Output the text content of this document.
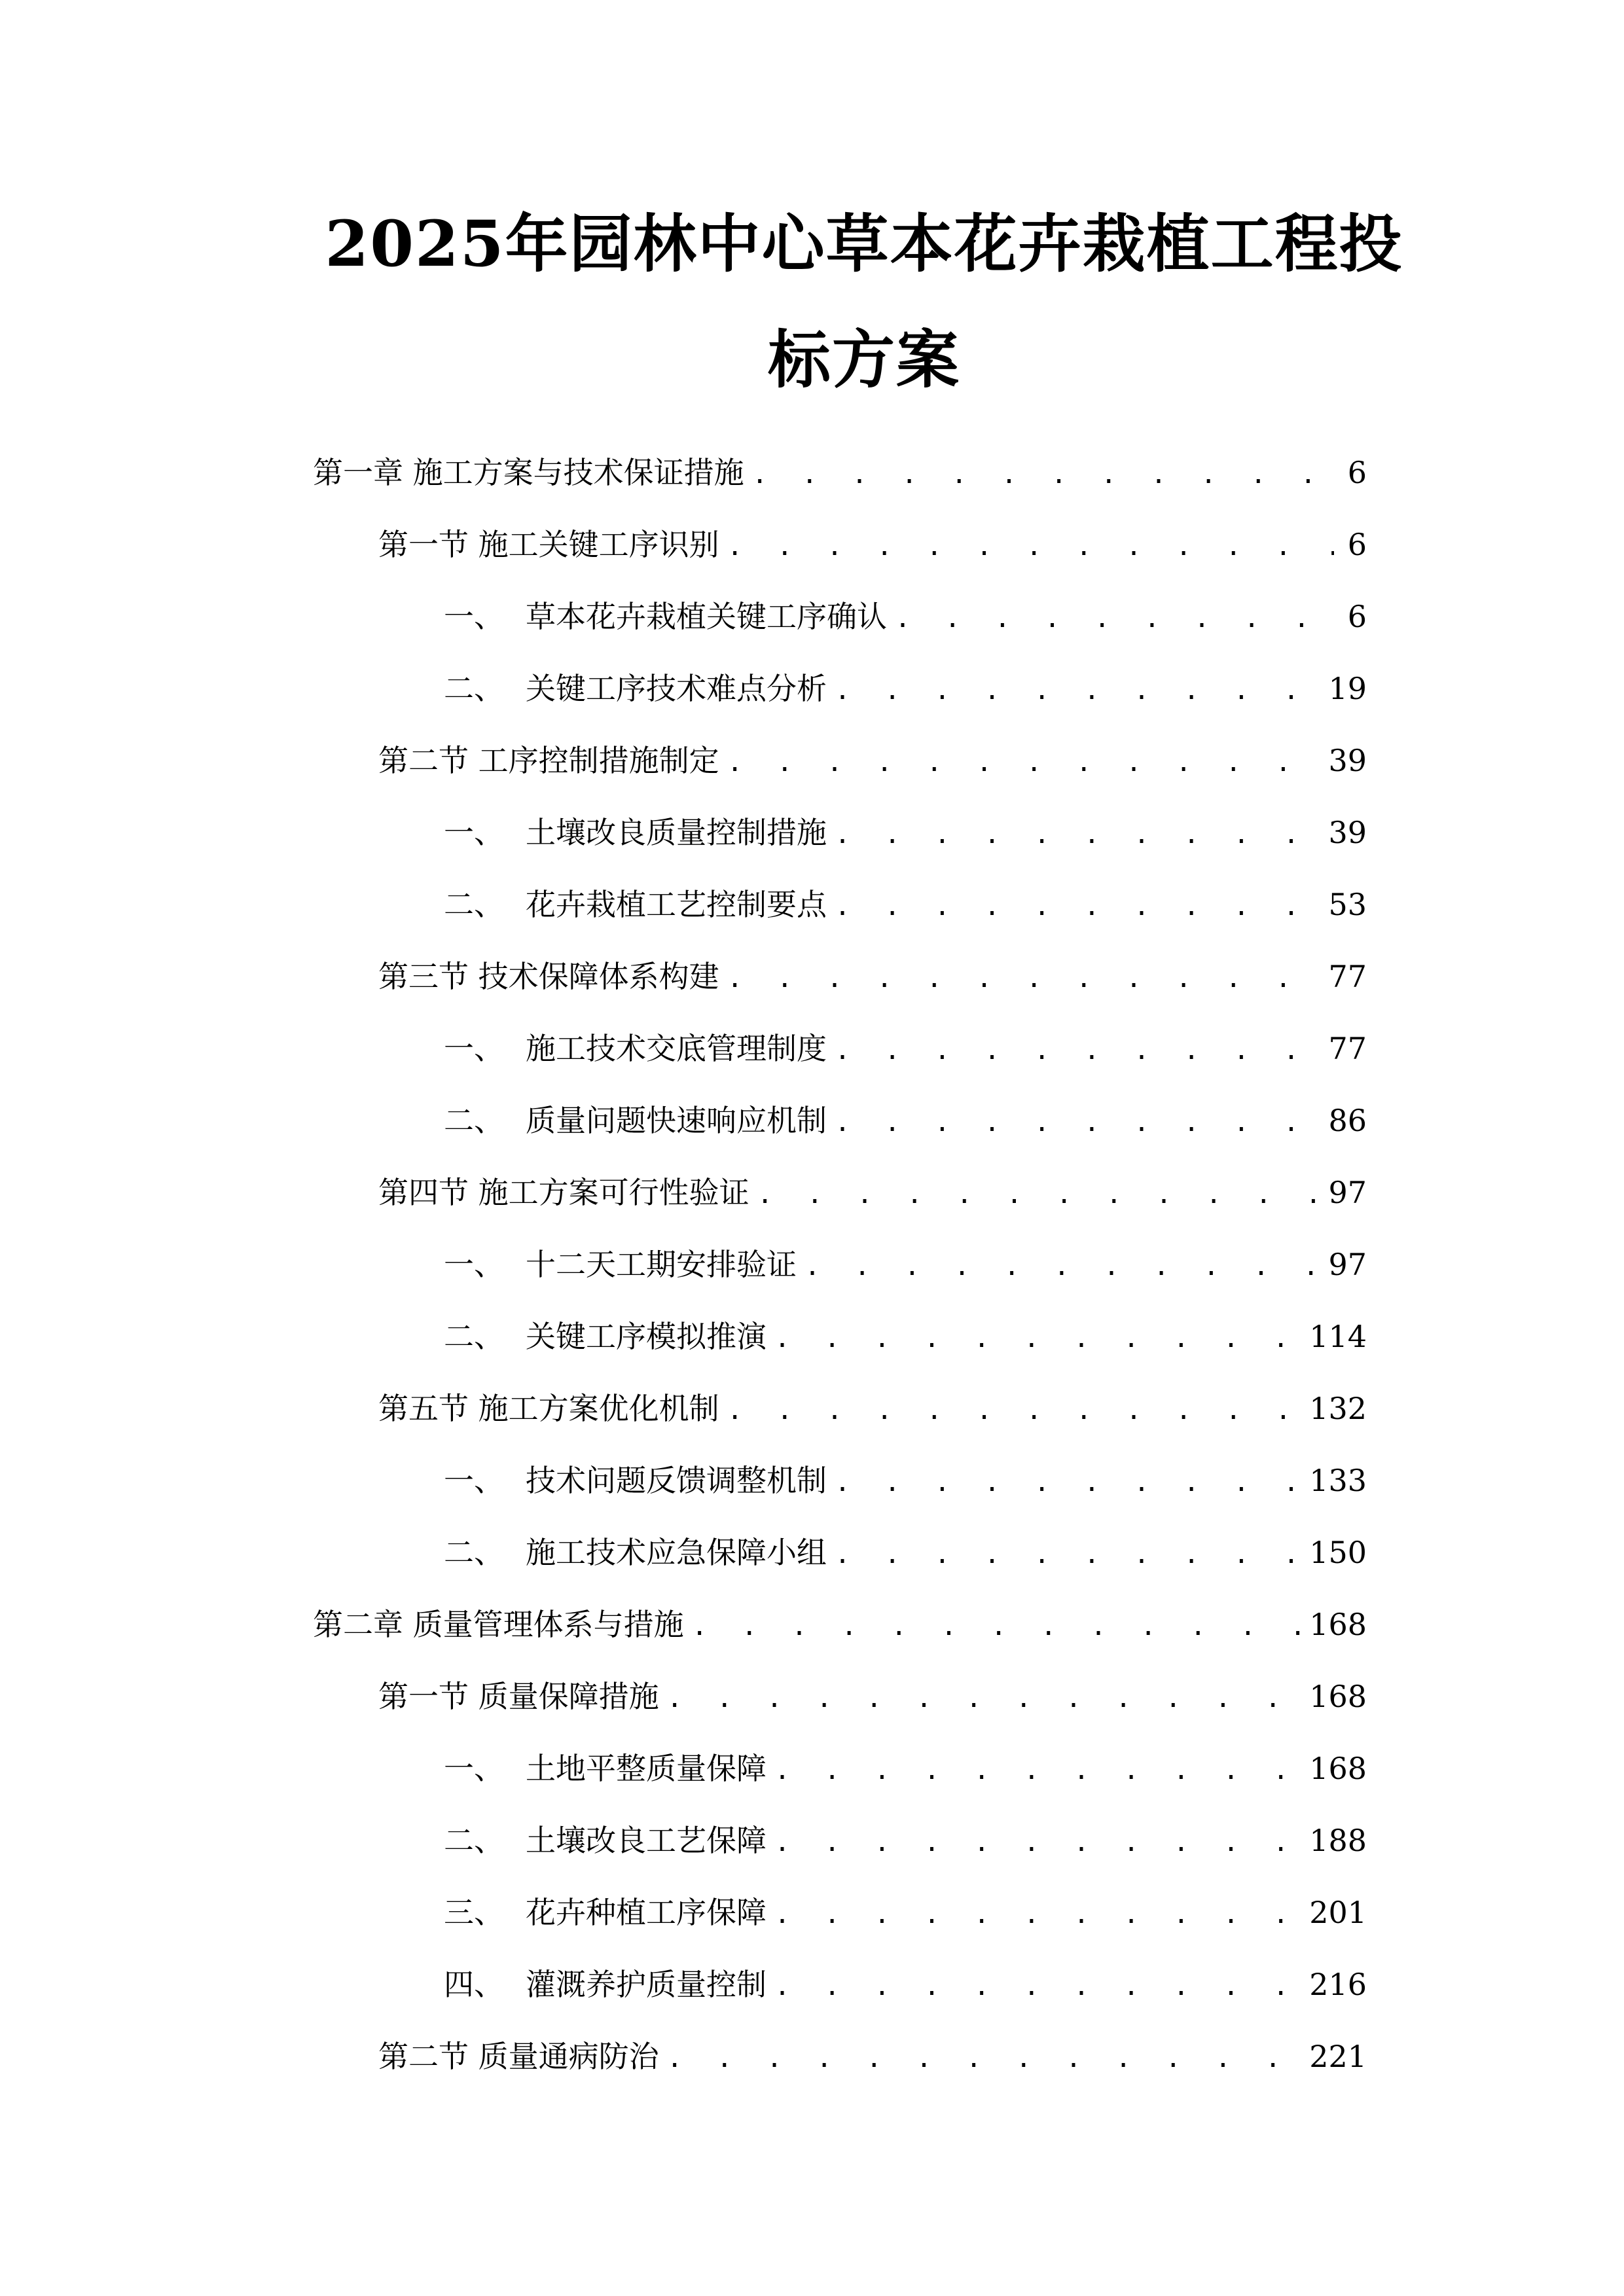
2025年园林中心草本花卉栽植工程投
标方案
第一章 施工方案与技术保证措施 . . .	6
第一节 施工关键工序识别 . . .	6
一、 草本花卉栽植关键工序确认 . . .	6
二、 关键工序技术难点分析 . . .	19
第二节 工序控制措施制定 . . .	39
一、 土壤改良质量控制措施 . . .	39
二、 花卉栽植工艺控制要点 . . .	53
第三节 技术保障体系构建 . . .	77
一、 施工技术交底管理制度 . . .	77
二、 质量问题快速响应机制 . . .	86
第四节 施工方案可行性验证 . . .	97
一、 十二天工期安排验证 . . .	97
二、 关键工序模拟推演 . . .	114
第五节 施工方案优化机制 . . .	132
一、 技术问题反馈调整机制 . . .	133
二、 施工技术应急保障小组 . . .	150
第二章 质量管理体系与措施 . . .	168
第一节 质量保障措施 . . .	168
一、 土地平整质量保障 . . .	168
二、 土壤改良工艺保障 . . .	188
三、 花卉种植工序保障 . . .	201
四、 灌溉养护质量控制 . . .	216
第二节 质量通病防治 . . .	221
